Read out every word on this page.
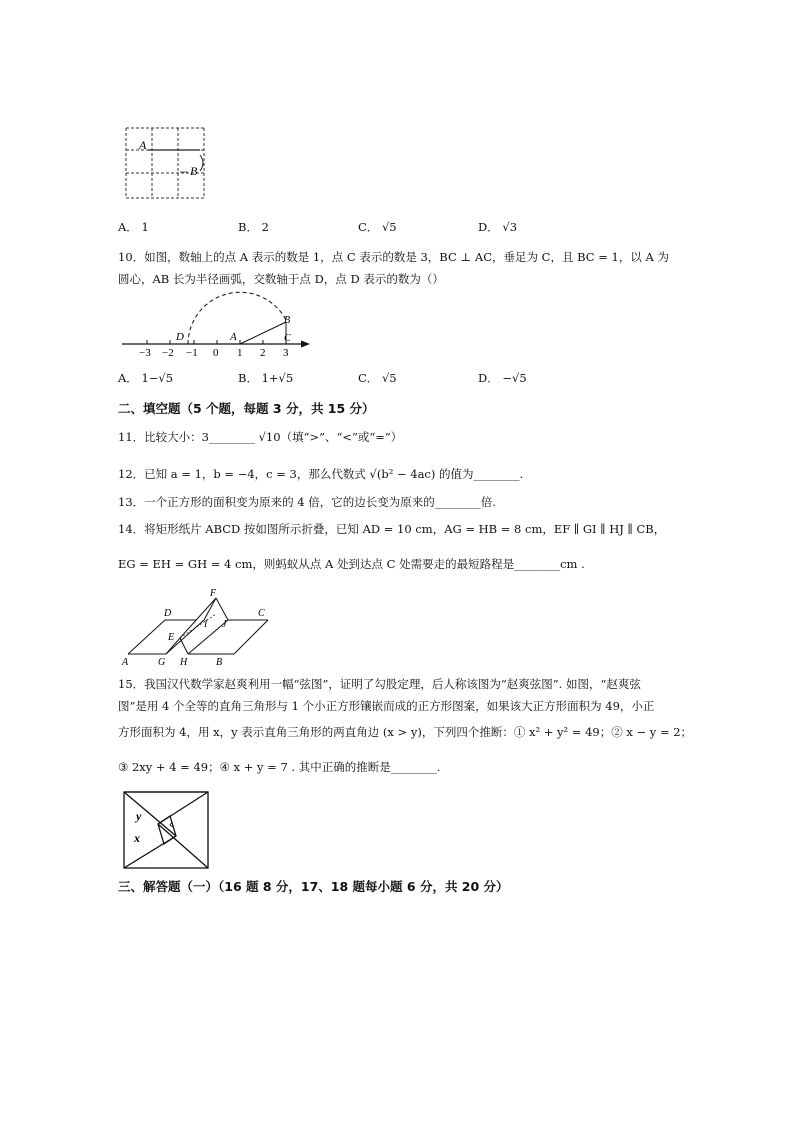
A
B
A． 1	B． 2	C． √5	D． √3
10．如图，数轴上的点 A 表示的数是 1，点 C 表示的数是 3，BC ⊥ AC，垂足为 C，且 BC = 1，以 A 为
圆心，AB 长为半径画弧，交数轴于点 D，点 D 表示的数为（）
−3 −2 −1 0 1 2 3
D	A
B
C
A． 1−√5	B． 1+√5	C． √5	D． −√5
二、填空题（5 个题，每题 3 分，共 15 分）
11．比较大小：3________ √10（填“>”、“<”或“=”）
12．已知 a = 1，b = −4，c = 3，那么代数式 √(b² − 4ac) 的值为________.
13．一个正方形的面积变为原来的 4 倍，它的边长变为原来的________倍.
14．将矩形纸片 ABCD 按如图所示折叠，已知 AD = 10 cm，AG = HB = 8 cm，EF ∥ GI ∥ HJ ∥ CB，
EG = EH = GH = 4 cm，则蚂蚁从点 A 处到达点 C 处需要走的最短路程是________cm .
F
D	C
I J
E
A	G H	B
15．我国汉代数学家赵爽利用一幅“弦图”，证明了勾股定理，后人称该图为“赵爽弦图”. 如图，“赵爽弦
图”是用 4 个全等的直角三角形与 1 个小正方形镶嵌而成的正方形图案，如果该大正方形面积为 49，小正
方形面积为 4，用 x，y 表示直角三角形的两直角边 (x > y)，下列四个推断：① x² + y² = 49；② x − y = 2；
③ 2xy + 4 = 49；④ x + y = 7 . 其中正确的推断是________.
y
x
三、解答题（一）（16 题 8 分，17、18 题每小题 6 分，共 20 分）
